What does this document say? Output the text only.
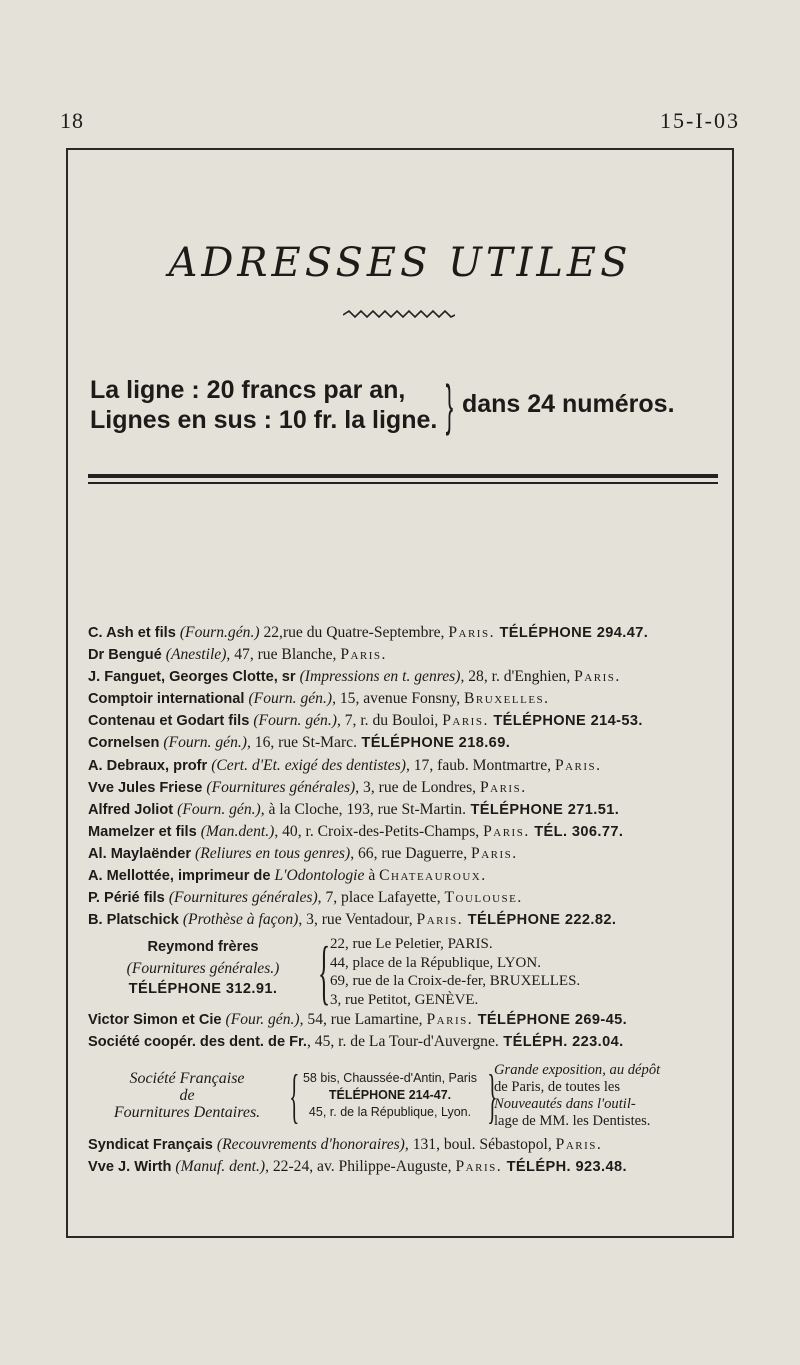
18	15-I-03
ADRESSES UTILES
La ligne : 20 francs par an,
Lignes en sus : 10 fr. la ligne. } dans 24 numéros.
C. Ash et fils (Fourn.gén.) 22,rue du Quatre-Septembre, Paris. TÉLÉPHONE 294.47.
Dr Bengué (Anestile), 47, rue Blanche, Paris.
J. Fanguet, Georges Clotte, sr (Impressions en t. genres), 28, r. d'Enghien, Paris.
Comptoir international (Fourn. gén.), 15, avenue Fonsny, Bruxelles.
Contenau et Godart fils (Fourn. gén.), 7, r. du Bouloi, Paris. TÉLÉPHONE 214-53.
Cornelsen (Fourn. gén.), 16, rue St-Marc. TÉLÉPHONE 218.69.
A. Debraux, profr (Cert. d'Et. exigé des dentistes), 17, faub. Montmartre, Paris.
Vve Jules Friese (Fournitures générales), 3, rue de Londres, Paris.
Alfred Joliot (Fourn. gén.), à la Cloche, 193, rue St-Martin. TÉLÉPHONE 271.51.
Mamelzer et fils (Man.dent.), 40, r. Croix-des-Petits-Champs, Paris. TÉL. 306.77.
Al. Maylaënder (Reliures en tous genres), 66, rue Daguerre, Paris.
A. Mellottée, imprimeur de L'Odontologie à Chateauroux.
P. Périé fils (Fournitures générales), 7, place Lafayette, Toulouse.
B. Platschick (Prothèse à façon), 3, rue Ventadour, Paris. TÉLÉPHONE 222.82.
Reymond frères
(Fournitures générales.)
TÉLÉPHONE 312.91. { 22, rue Le Peletier, PARIS.
44, place de la République, LYON.
69, rue de la Croix-de-fer, BRUXELLES.
3, rue Petitot, GENÈVE.
Victor Simon et Cie (Four. gén.), 54, rue Lamartine, Paris. TÉLÉPHONE 269-45.
Société coopér. des dent. de Fr., 45, r. de La Tour-d'Auvergne. TÉLÉPH. 223.04.
Société Française
de
Fournitures Dentaires. { 58 bis, Chaussée-d'Antin, Paris
TÉLÉPHONE 214-47.
45, r. de la République, Lyon. }
Grande exposition, au dépôt
de Paris, de toutes les
Nouveautés dans l'outil-
lage de MM. les Dentistes.
Syndicat Français (Recouvrements d'honoraires), 131, boul. Sébastopol, Paris.
Vve J. Wirth (Manuf. dent.), 22-24, av. Philippe-Auguste, Paris. TÉLÉPH. 923.48.
